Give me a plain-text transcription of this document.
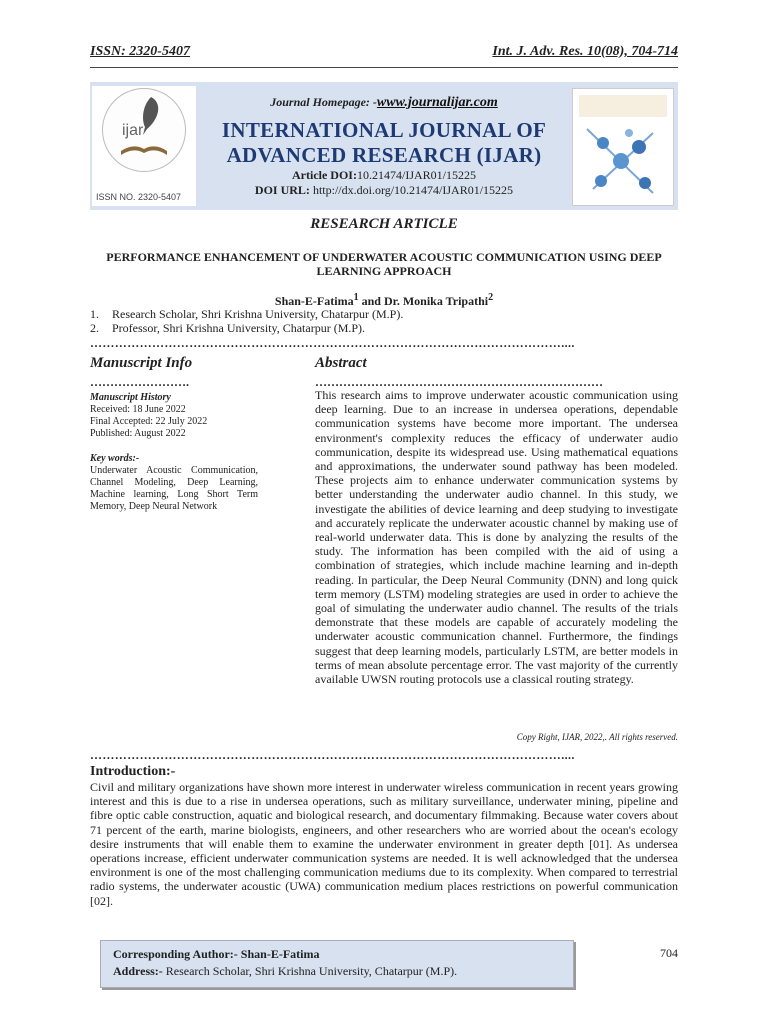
ISSN: 2320-5407	Int. J. Adv. Res. 10(08), 704-714
ijar
ISSN NO. 2320-5407
Journal Homepage: -www.journalijar.com
INTERNATIONAL JOURNAL OF
ADVANCED RESEARCH (IJAR)
Article DOI:10.21474/IJAR01/15225
DOI URL: http://dx.doi.org/10.21474/IJAR01/15225
RESEARCH ARTICLE
PERFORMANCE ENHANCEMENT OF UNDERWATER ACOUSTIC COMMUNICATION USING DEEP LEARNING APPROACH
Shan-E-Fatima$^1$ and Dr. Monika Tripathi$^2$
1. Research Scholar, Shri Krishna University, Chatarpur (M.P).
2. Professor, Shri Krishna University, Chatarpur (M.P).
……………………………………………………………………………………………………....
Manuscript Info
…………………….
Manuscript History
Received: 18 June 2022
Final Accepted: 22 July 2022
Published: August 2022
Key words:-
Underwater Acoustic Communication, Channel Modeling, Deep Learning, Machine learning, Long Short Term Memory, Deep Neural Network
Abstract
………………………………………………………………
This research aims to improve underwater acoustic communication using deep learning. Due to an increase in undersea operations, dependable communication systems have become more important. The undersea environment's complexity reduces the efficacy of underwater audio communication, despite its widespread use. Using mathematical equations and approximations, the underwater sound pathway has been modeled. These projects aim to enhance underwater communication systems by better understanding the underwater audio channel. In this study, we investigate the abilities of device learning and deep studying to investigate and accurately replicate the underwater acoustic channel by making use of real-world underwater data. This is done by analyzing the results of the study. The information has been compiled with the aid of using a combination of strategies, which include machine learning and in-depth reading. In particular, the Deep Neural Community (DNN) and long quick term memory (LSTM) modeling strategies are used in order to achieve the goal of simulating the underwater audio channel. The results of the trials demonstrate that these models are capable of accurately modeling the underwater acoustic communication channel. Furthermore, the findings suggest that deep learning models, particularly LSTM, are better models in terms of mean absolute percentage error. The vast majority of the currently available UWSN routing protocols use a classical routing strategy.
Copy Right, IJAR, 2022,. All rights reserved.
……………………………………………………………………………………………………....
Introduction:-
Civil and military organizations have shown more interest in underwater wireless communication in recent years growing interest and this is due to a rise in undersea operations, such as military surveillance, underwater mining, pipeline and fibre optic cable construction, aquatic and biological research, and documentary filmmaking. Because water covers about 71 percent of the earth, marine biologists, engineers, and other researchers who are worried about the ocean's ecology desire instruments that will enable them to examine the underwater environment in greater depth [01]. As undersea operations increase, efficient underwater communication systems are needed. It is well acknowledged that the undersea environment is one of the most challenging communication mediums due to its complexity. When compared to terrestrial radio systems, the underwater acoustic (UWA) communication medium places restrictions on powerful communication [02].
Corresponding Author:- Shan-E-Fatima
Address:- Research Scholar, Shri Krishna University, Chatarpur (M.P).
704
